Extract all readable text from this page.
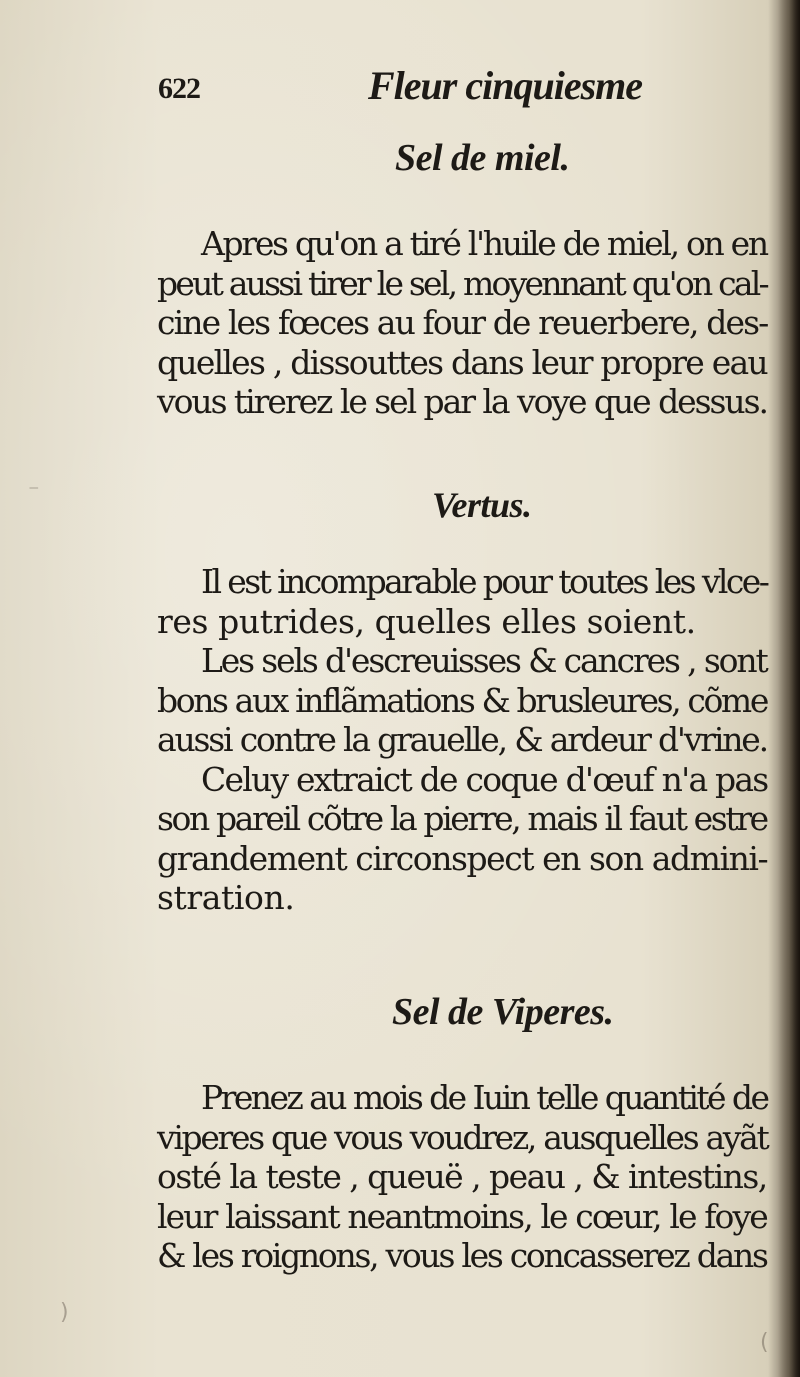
622	Fleur cinquiesme
Sel de miel.
Apres qu'on a tiré l'huile de miel, on en
peut aussi tirer le sel, moyennant qu'on cal-
cine les fœces au four de reuerbere, des-
quelles , dissouttes dans leur propre eau
vous tirerez le sel par la voye que dessus.
Vertus.
Il est incomparable pour toutes les vlce-
res putrides, quelles elles soient.
Les sels d'escreuisses & cancres , sont
bons aux inflãmations & brusleures, cõme
aussi contre la grauelle, & ardeur d'vrine.
Celuy extraict de coque d'œuf n'a pas
son pareil cõtre la pierre, mais il faut estre
grandement circonspect en son admini-
stration.
Sel de Viperes.
Prenez au mois de Iuin telle quantité de
viperes que vous voudrez, ausquelles ayãt
osté la teste , queuë , peau , & intestins,
leur laissant neantmoins, le cœur, le foye
& les roignons, vous les concasserez dans
⁻
)
(
